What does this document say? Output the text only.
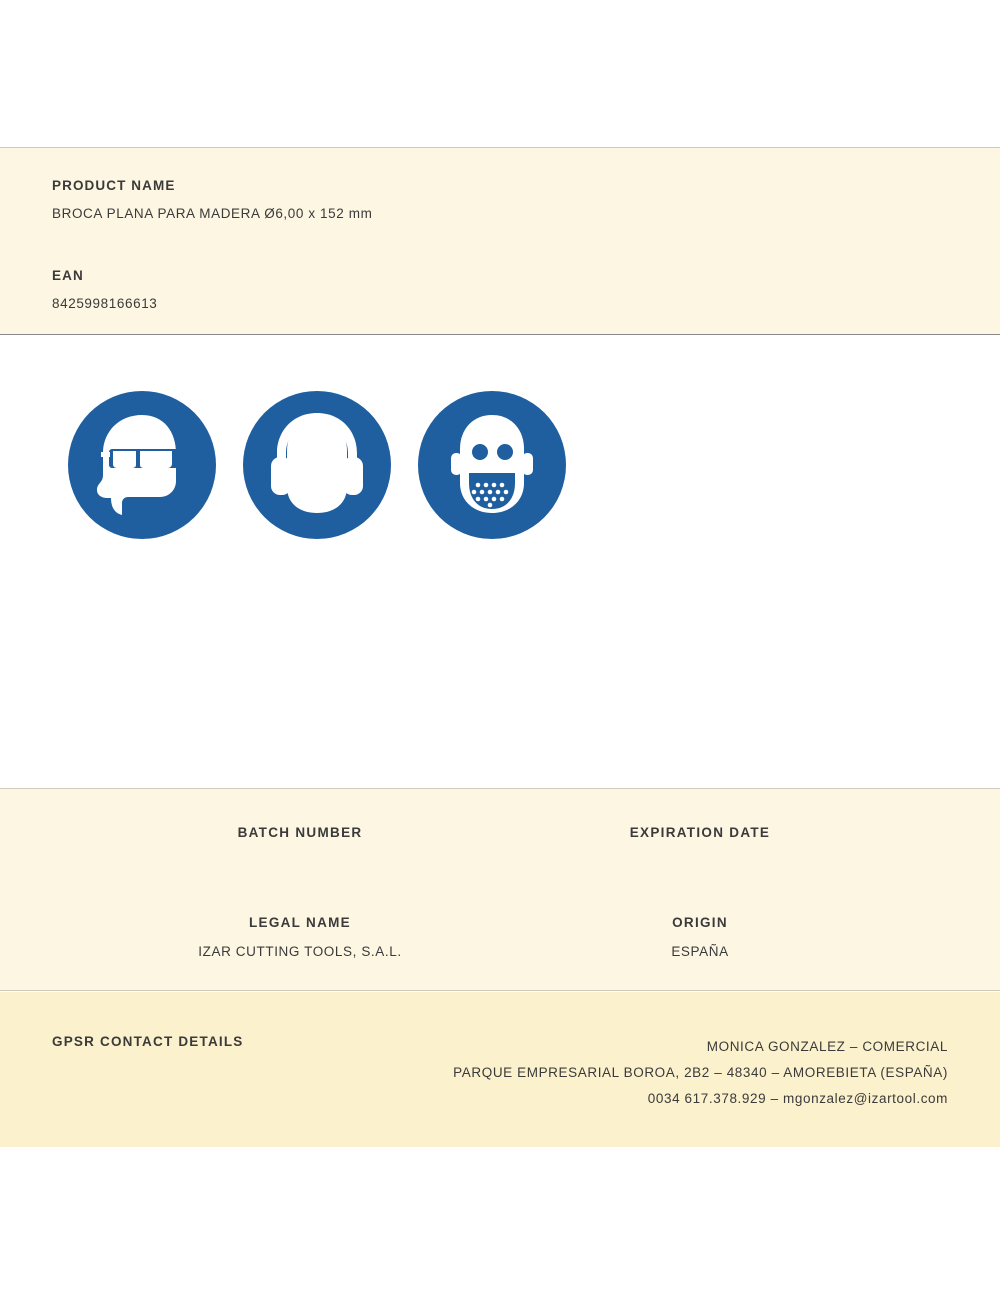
PRODUCT NAME
BROCA PLANA PARA MADERA Ø6,00 x 152 mm
EAN
8425998166613
BATCH NUMBER	EXPIRATION DATE
LEGAL NAME
IZAR CUTTING TOOLS, S.A.L.
ORIGIN
ESPAÑA
GPSR CONTACT DETAILS	MONICA GONZALEZ – COMERCIAL
PARQUE EMPRESARIAL BOROA, 2B2 – 48340 – AMOREBIETA (ESPAÑA)
0034 617.378.929 – mgonzalez@izartool.com
